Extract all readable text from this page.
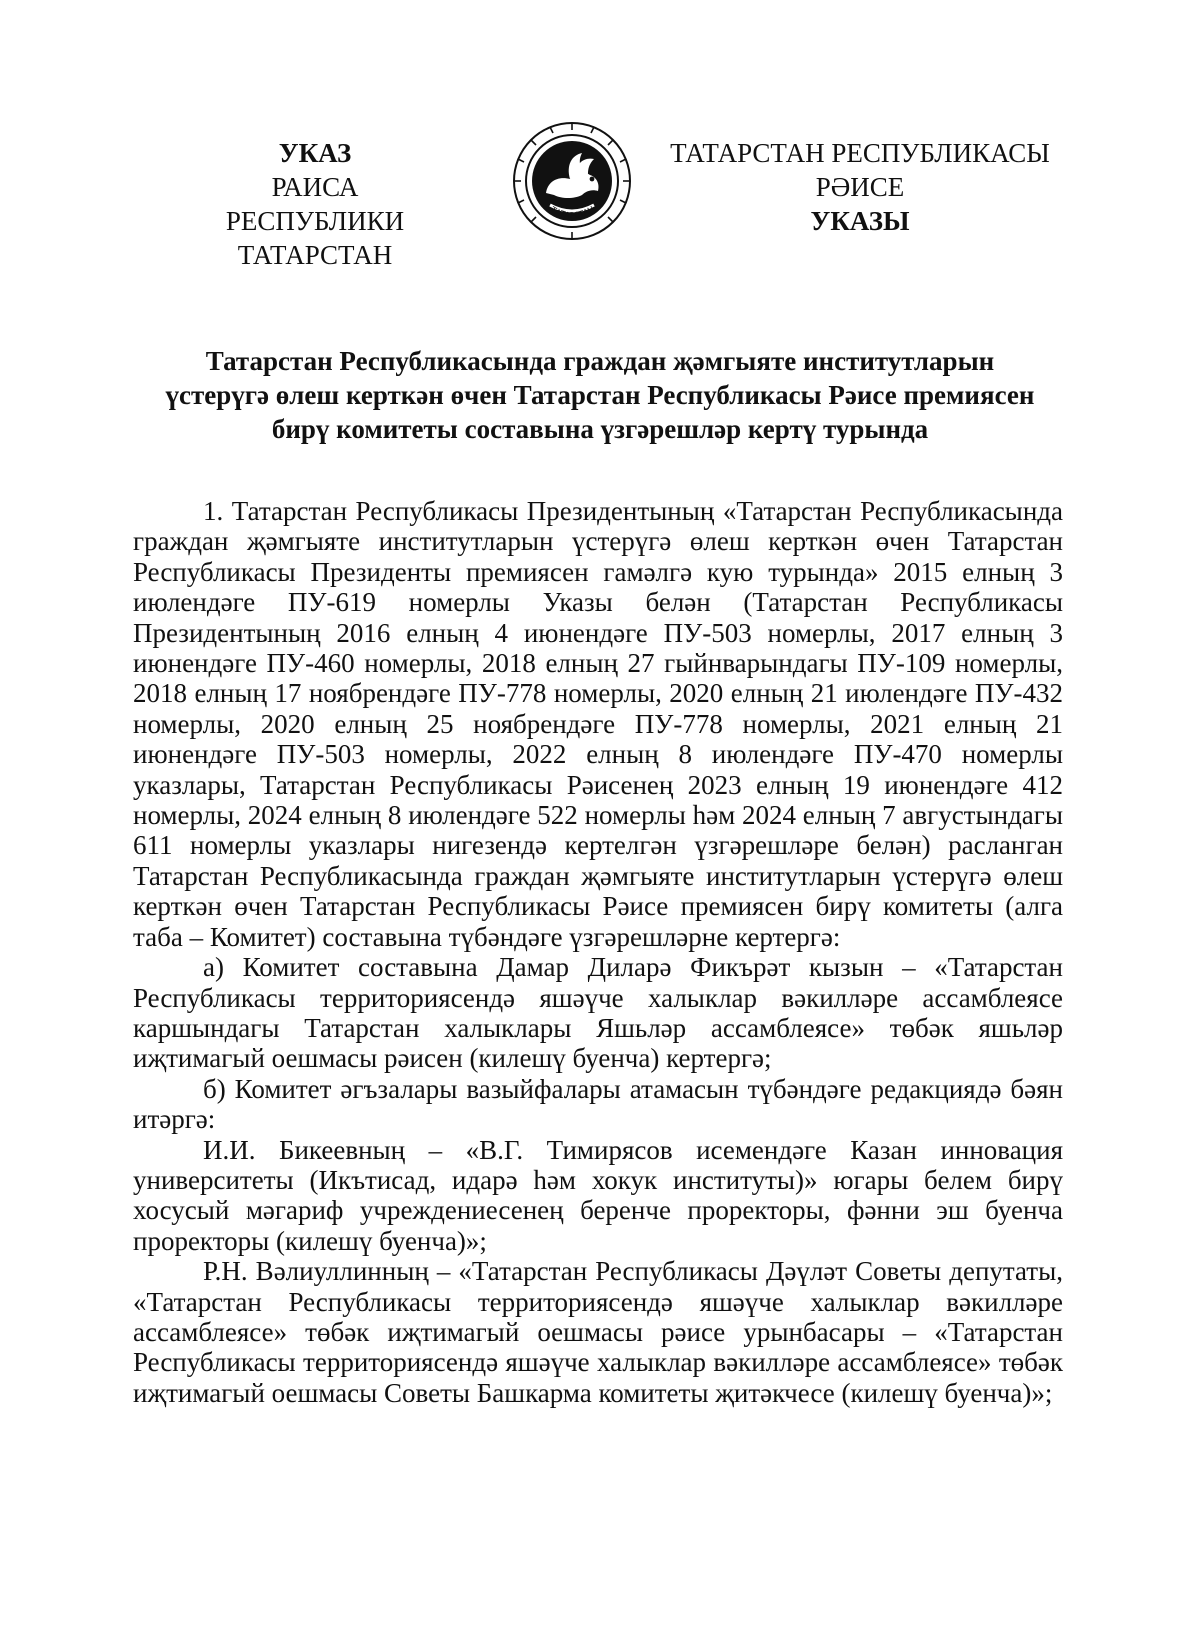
УКАЗ
РАИСА
РЕСПУБЛИКИ ТАТАРСТАН
ТАТАРСТАН
ТАТАРСТАН РЕСПУБЛИКАСЫ
РӘИСЕ
УКАЗЫ
Татарстан Республикасында граждан җәмгыяте институтларын
үстерүгә өлеш керткән өчен Татарстан Республикасы Рәисе премиясен
бирү комитеты составына үзгәрешләр кертү турында

1. Татарстан Республикасы Президентының «Татарстан Республикасында граждан җәмгыяте институтларын үстерүгә өлеш керткән өчен Татарстан Республикасы Президенты премиясен гамәлгә кую турында» 2015 елның 3 июлендәге ПУ-619 номерлы Указы белән (Татарстан Республикасы Президентының 2016 елның 4 июнендәге ПУ-503 номерлы, 2017 елның 3 июнендәге ПУ-460 номерлы, 2018 елның 27 гыйнварындагы ПУ-109 номерлы, 2018 елның 17 ноябрендәге ПУ-778 номерлы, 2020 елның 21 июлендәге ПУ-432 номерлы, 2020 елның 25 ноябрендәге ПУ-778 номерлы, 2021 елның 21 июнендәге ПУ-503 номерлы, 2022 елның 8 июлендәге ПУ-470 номерлы указлары, Татарстан Республикасы Рәисенең 2023 елның 19 июнендәге 412 номерлы, 2024 елның 8 июлендәге 522 номерлы һәм 2024 елның 7 августындагы 611 номерлы указлары нигезендә кертелгән үзгәрешләре белән) расланган Татарстан Республикасында граждан җәмгыяте институтларын үстерүгә өлеш керткән өчен Татарстан Республикасы Рәисе премиясен бирү комитеты (алга таба – Комитет) составына түбәндәге үзгәрешләрне кертергә:

а) Комитет составына Дамар Диларә Фикърәт кызын – «Татарстан Республикасы территориясендә яшәүче халыклар вәкилләре ассамблеясе каршындагы Татарстан халыклары Яшьләр ассамблеясе» төбәк яшьләр иҗтимагый оешмасы рәисен (килешү буенча) кертергә;

б) Комитет әгъзалары вазыйфалары атамасын түбәндәге редакциядә бәян итәргә:

И.И. Бикеевның – «В.Г. Тимирясов исемендәге Казан инновация университеты (Икътисад, идарә һәм хокук институты)» югары белем бирү хосусый мәгариф учреждениесенең беренче проректоры, фәнни эш буенча проректоры (килешү буенча)»;

Р.Н. Вәлиуллинның – «Татарстан Республикасы Дәүләт Советы депутаты, «Татарстан Республикасы территориясендә яшәүче халыклар вәкилләре ассамблеясе» төбәк иҗтимагый оешмасы рәисе урынбасары – «Татарстан Республикасы территориясендә яшәүче халыклар вәкилләре ассамблеясе» төбәк иҗтимагый оешмасы Советы Башкарма комитеты җитәкчесе (килешү буенча)»;
